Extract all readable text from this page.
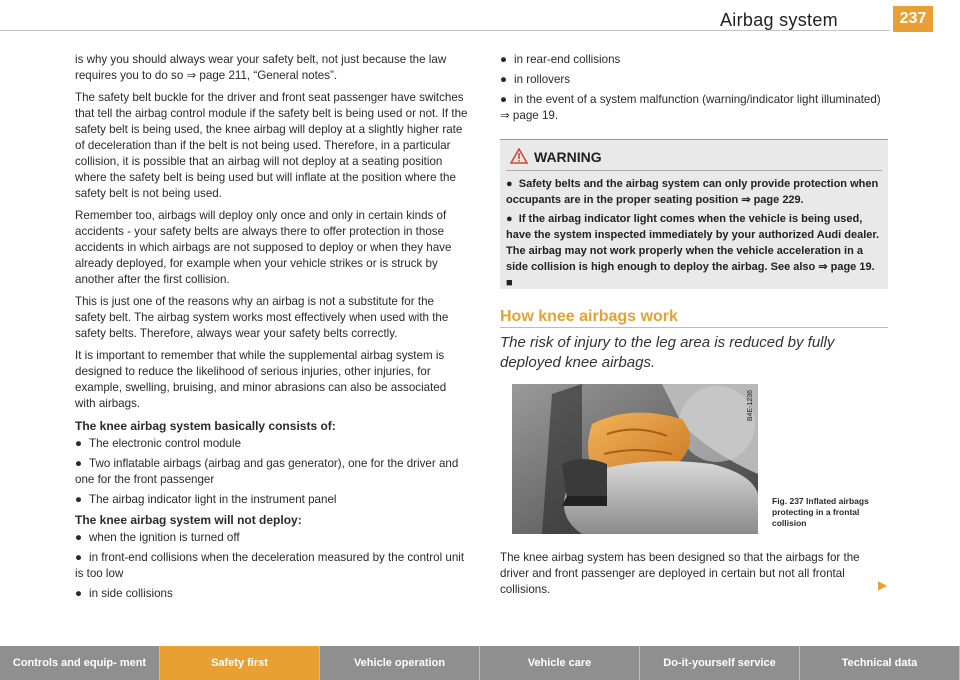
Airbag system	237

is why you should always wear your safety belt, not just because the law requires you to do so ⇒ page 211, “General notes”.

The safety belt buckle for the driver and front seat passenger have switches that tell the airbag control module if the safety belt is being used or not. If the safety belt is being used, the knee airbag will deploy at a slightly higher rate of deceleration than if the belt is not being used. Therefore, in a particular collision, it is possible that an airbag will not deploy at a seating position where the safety belt is being used but will inflate at the position where the safety belt is not being used.

Remember too, airbags will deploy only once and only in certain kinds of accidents - your safety belts are always there to offer protection in those accidents in which airbags are not supposed to deploy or when they have already deployed, for example when your vehicle strikes or is struck by another after the first collision.

This is just one of the reasons why an airbag is not a substitute for the safety belt. The airbag system works most effectively when used with the safety belts. Therefore, always wear your safety belts correctly.

It is important to remember that while the supplemental airbag system is designed to reduce the likelihood of serious injuries, other injuries, for example, swelling, bruising, and minor abrasions can also be associated with airbags.

The knee airbag system basically consists of:

● The electronic control module
● Two inflatable airbags (airbag and gas generator), one for the driver and one for the front passenger
● The airbag indicator light in the instrument panel

The knee airbag system will not deploy:

● when the ignition is turned off
● in front-end collisions when the deceleration measured by the control unit is too low
● in side collisions
● in rear-end collisions
● in rollovers
● in the event of a system malfunction (warning/indicator light illuminated) ⇒ page 19.
WARNING

●  Safety belts and the airbag system can only provide protection when occupants are in the proper seating position ⇒ page 229.

●  If the airbag indicator light comes when the vehicle is being used, have the system inspected immediately by your authorized Audi dealer. The airbag may not work properly when the vehicle acceleration in a side collision is high enough to deploy the airbag. See also ⇒ page 19. ■

How knee airbags work
The risk of injury to the leg area is reduced by fully deployed knee airbags.
B4E-1236
Fig. 237 Inflated airbags protecting in a frontal collision
The knee airbag system has been designed so that the airbags for the driver and front passenger are deployed in certain but not all frontal collisions.	▶
Controls and equip- ment	Safety first	Vehicle operation	Vehicle care	Do-it-yourself service	Technical data
